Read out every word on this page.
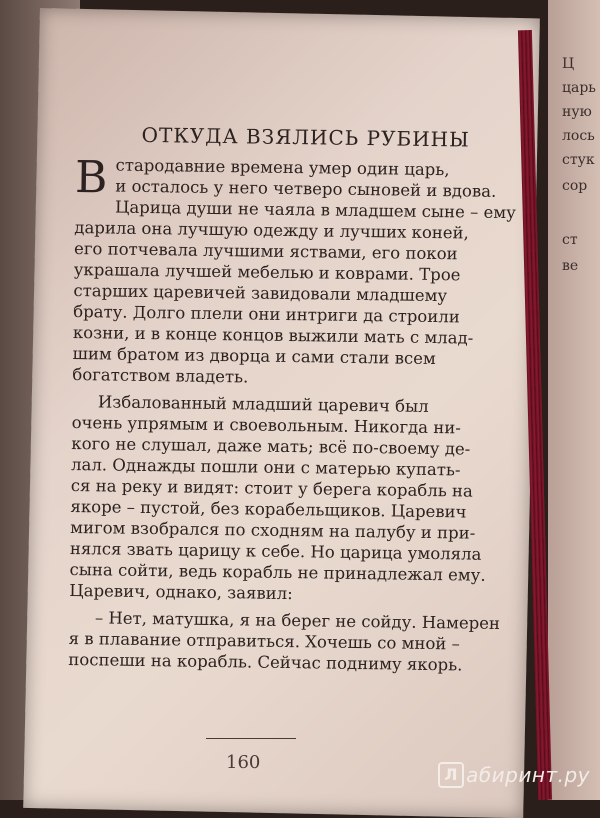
Ц
царь
ную
лось
стук
сор
ст
ве
ОТКУДА ВЗЯЛИСЬ РУБИНЫ
В стародавние времена умер один царь,
и осталось у него четверо сыновей и вдова.
Царица души не чаяла в младшем сыне – ему
дарила она лучшую одежду и лучших коней,
его потчевала лучшими яствами, его покои
украшала лучшей мебелью и коврами. Трое
старших царевичей завидовали младшему
брату. Долго плели они интриги да строили
козни, и в конце концов выжили мать с млад-
шим братом из дворца и сами стали всем
богатством владеть.
Избалованный младший царевич был
очень упрямым и своевольным. Никогда ни-
кого не слушал, даже мать; всё по-своему де-
лал. Однажды пошли они с матерью купать-
ся на реку и видят: стоит у берега корабль на
якоре – пустой, без корабельщиков. Царевич
мигом взобрался по сходням на палубу и при-
нялся звать царицу к себе. Но царица умоляла
сына сойти, ведь корабль не принадлежал ему.
Царевич, однако, заявил:
– Нет, матушка, я на берег не сойду. Намерен
я в плавание отправиться. Хочешь со мной –
поспеши на корабль. Сейчас подниму якорь.
160
Л абиринт.ру
